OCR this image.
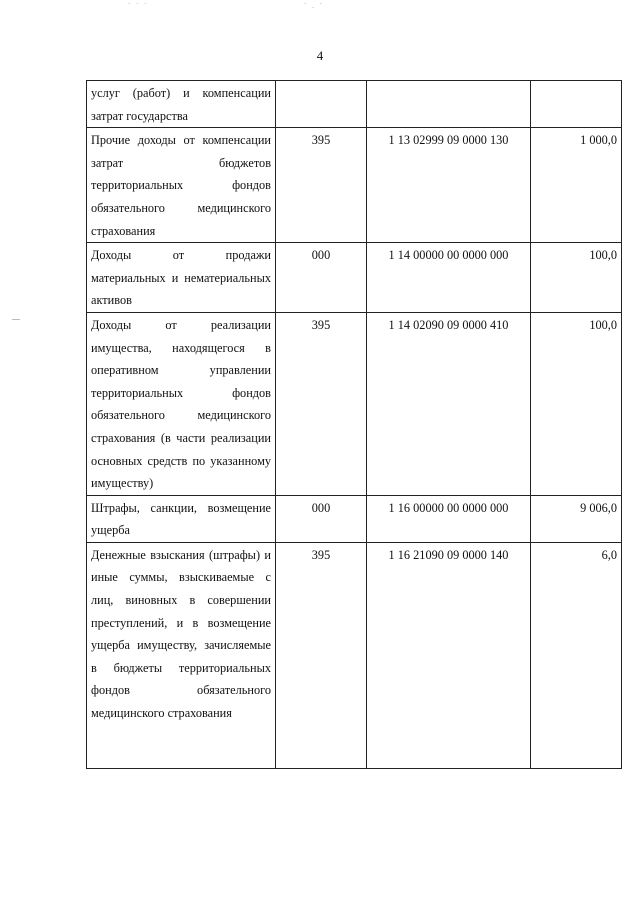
` ` `	` . `
4
услуг (работ) и компенсации затрат государства			
Прочие доходы от компенсации затрат бюджетов территориальных фондов обязательного медицинского страхования	395	1 13 02999 09 0000 130	1 000,0
Доходы от продажи материальных и нематериальных активов	000	1 14 00000 00 0000 000	100,0
Доходы от реализации имущества, находящегося в оперативном управлении территориальных фондов обязательного медицинского страхования (в части реализации основных средств по указанному имуществу)	395	1 14 02090 09 0000 410	100,0
Штрафы, санкции, возмещение ущерба	000	1 16 00000 00 0000 000	9 006,0
Денежные взыскания (штрафы) и иные суммы, взыскиваемые с лиц, виновных в совершении преступлений, и в возмещение ущерба имуществу, зачисляемые в бюджеты территориальных фондов обязательного медицинского страхования	395	1 16 21090 09 0000 140	6,0
